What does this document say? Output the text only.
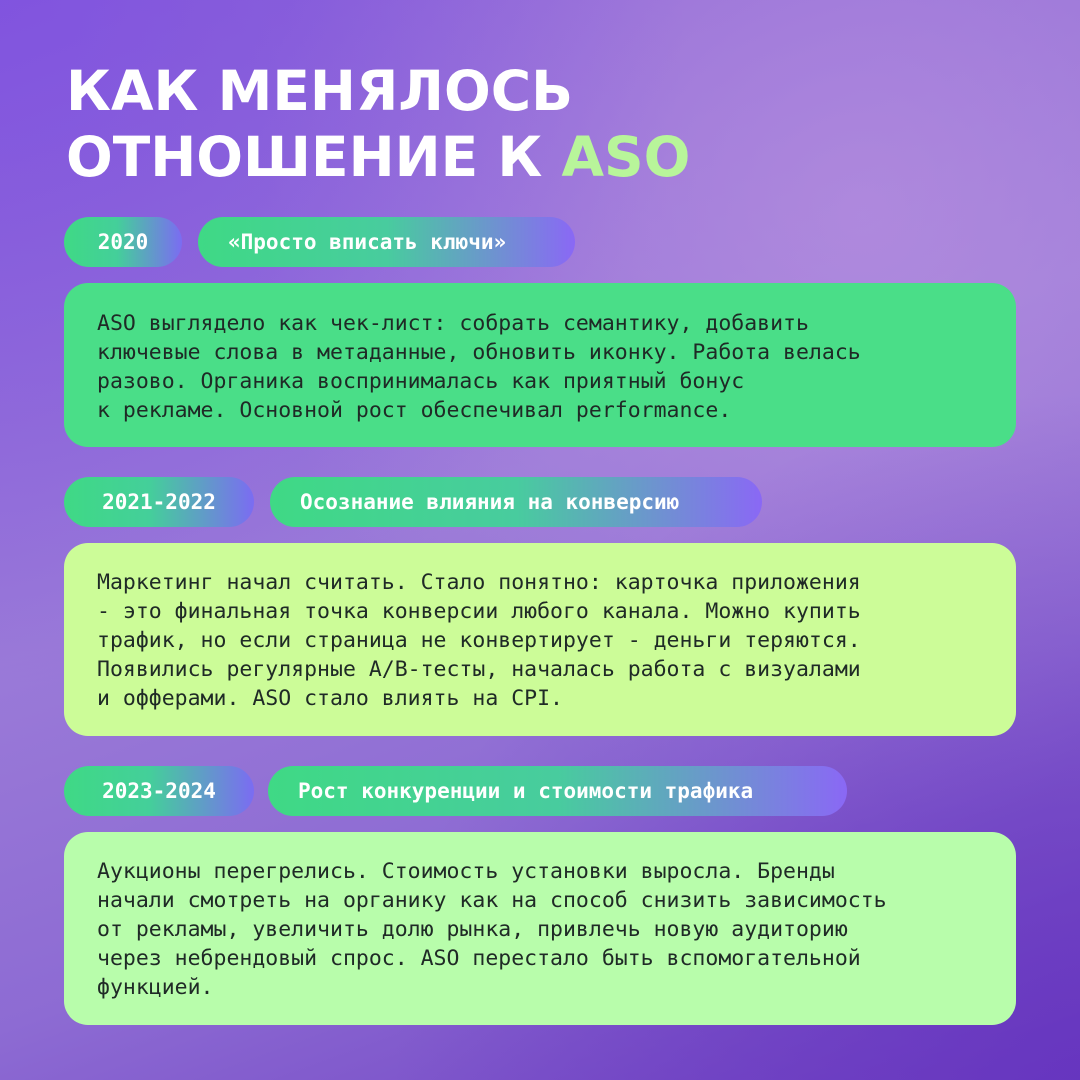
КАК МЕНЯЛОСЬ
ОТНОШЕНИЕ К ASO
2020	«Просто вписать ключи»
ASO выглядело как чек-лист: собрать семантику, добавить
ключевые слова в метаданные, обновить иконку. Работа велась
разово. Органика воспринималась как приятный бонус
к рекламе. Основной рост обеспечивал performance.
2021-2022	Осознание влияния на конверсию
Маркетинг начал считать. Стало понятно: карточка приложения
- это финальная точка конверсии любого канала. Можно купить
трафик, но если страница не конвертирует - деньги теряются.
Появились регулярные A/B-тесты, началась работа с визуалами
и офферами. ASO стало влиять на CPI.
2023-2024	Рост конкуренции и стоимости трафика
Аукционы перегрелись. Стоимость установки выросла. Бренды
начали смотреть на органику как на способ снизить зависимость
от рекламы, увеличить долю рынка, привлечь новую аудиторию
через небрендовый спрос. ASO перестало быть вспомогательной
функцией.
